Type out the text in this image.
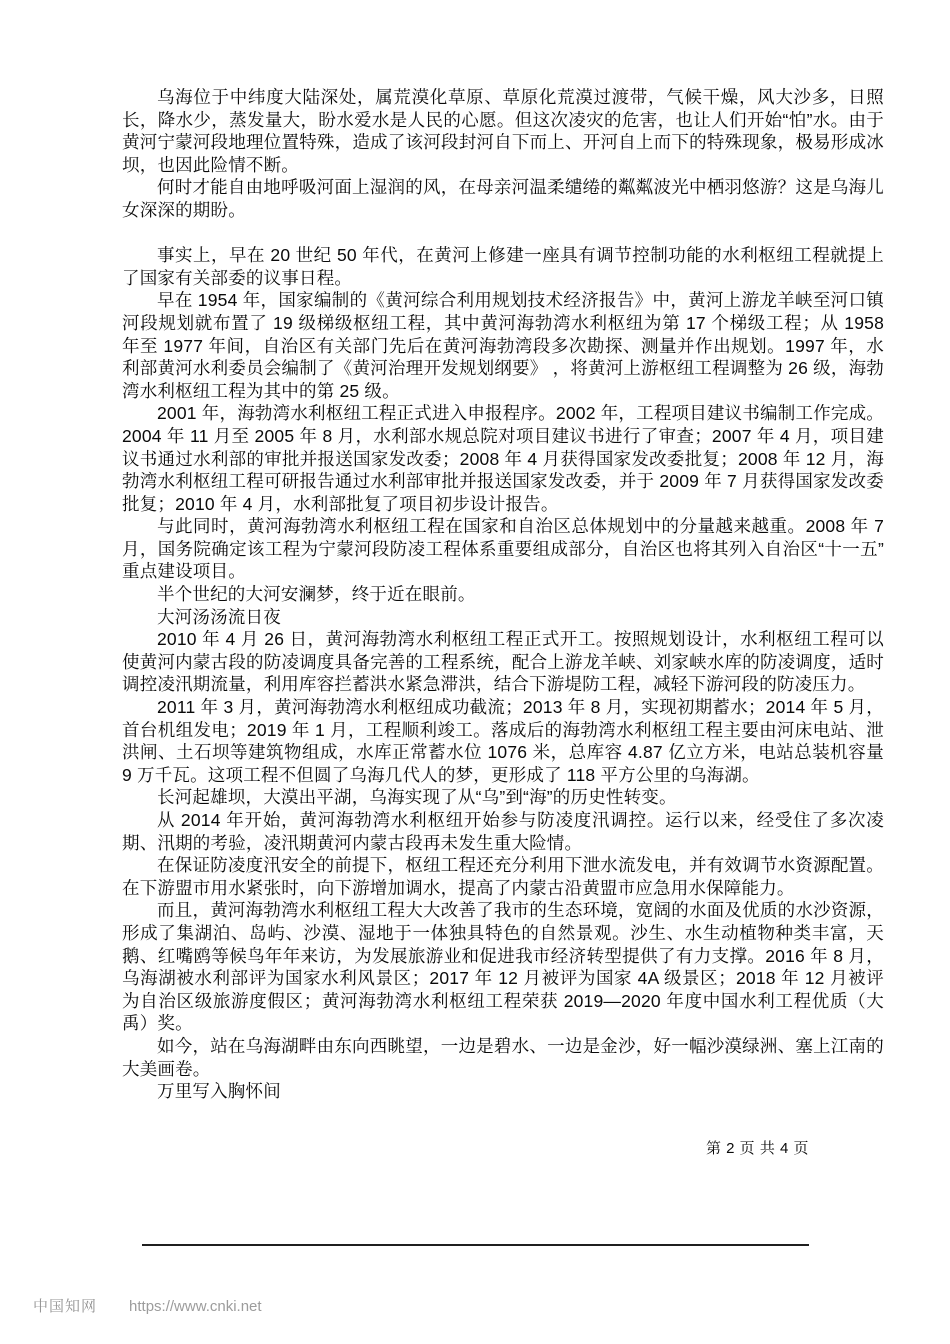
乌海位于中纬度大陆深处，属荒漠化草原、草原化荒漠过渡带，气候干燥，风大沙多，日照长，降水少，蒸发量大，盼水爱水是人民的心愿。但这次凌灾的危害，也让人们开始“怕”水。由于黄河宁蒙河段地理位置特殊，造成了该河段封河自下而上、开河自上而下的特殊现象，极易形成冰坝，也因此险情不断。

何时才能自由地呼吸河面上湿润的风，在母亲河温柔缱绻的粼粼波光中栖羽悠游？这是乌海儿女深深的期盼。

事实上，早在 20 世纪 50 年代，在黄河上修建一座具有调节控制功能的水利枢纽工程就提上了国家有关部委的议事日程。

早在 1954 年，国家编制的《黄河综合利用规划技术经济报告》中，黄河上游龙羊峡至河口镇河段规划就布置了 19 级梯级枢纽工程，其中黄河海勃湾水利枢纽为第 17 个梯级工程；从 1958 年至 1977 年间，自治区有关部门先后在黄河海勃湾段多次勘探、测量并作出规划。1997 年，水利部黄河水利委员会编制了《黄河治理开发规划纲要》 ，将黄河上游枢纽工程调整为 26 级，海勃湾水利枢纽工程为其中的第 25 级。

2001 年，海勃湾水利枢纽工程正式进入申报程序。2002 年，工程项目建议书编制工作完成。2004 年 11 月至 2005 年 8 月，水利部水规总院对项目建议书进行了审查；2007 年 4 月，项目建议书通过水利部的审批并报送国家发改委；2008 年 4 月获得国家发改委批复；2008 年 12 月，海勃湾水利枢纽工程可研报告通过水利部审批并报送国家发改委，并于 2009 年 7 月获得国家发改委批复；2010 年 4 月，水利部批复了项目初步设计报告。

与此同时，黄河海勃湾水利枢纽工程在国家和自治区总体规划中的分量越来越重。2008 年 7 月，国务院确定该工程为宁蒙河段防凌工程体系重要组成部分，自治区也将其列入自治区“十一五”重点建设项目。

半个世纪的大河安澜梦，终于近在眼前。

大河汤汤流日夜

2010 年 4 月 26 日，黄河海勃湾水利枢纽工程正式开工。按照规划设计，水利枢纽工程可以使黄河内蒙古段的防凌调度具备完善的工程系统，配合上游龙羊峡、刘家峡水库的防凌调度，适时调控凌汛期流量，利用库容拦蓄洪水紧急滞洪，结合下游堤防工程，减轻下游河段的防凌压力。

2011 年 3 月，黄河海勃湾水利枢纽成功截流；2013 年 8 月，实现初期蓄水；2014 年 5 月，首台机组发电；2019 年 1 月，工程顺利竣工。落成后的海勃湾水利枢纽工程主要由河床电站、泄洪闸、土石坝等建筑物组成，水库正常蓄水位 1076 米，总库容 4.87 亿立方米，电站总装机容量 9 万千瓦。这项工程不但圆了乌海几代人的梦，更形成了 118 平方公里的乌海湖。

长河起雄坝，大漠出平湖，乌海实现了从“乌”到“海”的历史性转变。

从 2014 年开始，黄河海勃湾水利枢纽开始参与防凌度汛调控。运行以来，经受住了多次凌期、汛期的考验，凌汛期黄河内蒙古段再未发生重大险情。

在保证防凌度汛安全的前提下，枢纽工程还充分利用下泄水流发电，并有效调节水资源配置。在下游盟市用水紧张时，向下游增加调水，提高了内蒙古沿黄盟市应急用水保障能力。

而且，黄河海勃湾水利枢纽工程大大改善了我市的生态环境，宽阔的水面及优质的水沙资源，形成了集湖泊、岛屿、沙漠、湿地于一体独具特色的自然景观。沙生、水生动植物种类丰富，天鹅、红嘴鸥等候鸟年年来访，为发展旅游业和促进我市经济转型提供了有力支撑。2016 年 8 月，乌海湖被水利部评为国家水利风景区；2017 年 12 月被评为国家 4A 级景区；2018 年 12 月被评为自治区级旅游度假区；黄河海勃湾水利枢纽工程荣获 2019—2020 年度中国水利工程优质（大禹）奖。

如今，站在乌海湖畔由东向西眺望，一边是碧水、一边是金沙，好一幅沙漠绿洲、塞上江南的大美画卷。

万里写入胸怀间

第 2 页 共 4 页
中国知网 https://www.cnki.net
